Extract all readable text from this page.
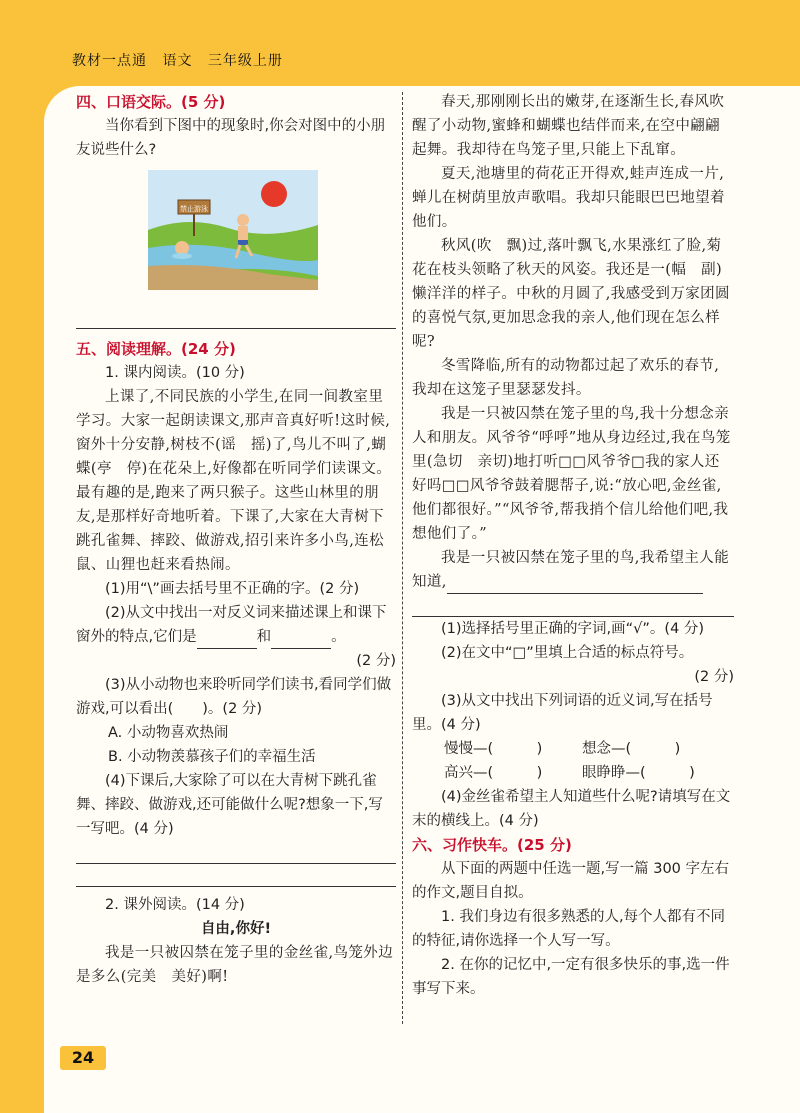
教材一点通 语文 三年级上册

四、口语交际。(5 分)

当你看到下图中的现象时,你会对图中的小朋友说些什么?

禁止游泳

五、阅读理解。(24 分)

1. 课内阅读。(10 分)

上课了,不同民族的小学生,在同一间教室里学习。大家一起朗读课文,那声音真好听!这时候,窗外十分安静,树枝不(谣　摇)了,鸟儿不叫了,蝴蝶(亭　停)在花朵上,好像都在听同学们读课文。最有趣的是,跑来了两只猴子。这些山林里的朋友,是那样好奇地听着。下课了,大家在大青树下跳孔雀舞、摔跤、做游戏,招引来许多小鸟,连松鼠、山狸也赶来看热闹。

(1)用“\”画去括号里不正确的字。(2 分)

(2)从文中找出一对反义词来描述课上和课下窗外的特点,它们是	和	。

(2 分)

(3)从小动物也来聆听同学们读书,看同学们做游戏,可以看出(　　)。(2 分)

A. 小动物喜欢热闹

B. 小动物羡慕孩子们的幸福生活

(4)下课后,大家除了可以在大青树下跳孔雀舞、摔跤、做游戏,还可能做什么呢?想象一下,写一写吧。(4 分)

2. 课外阅读。(14 分)

自由,你好!

我是一只被囚禁在笼子里的金丝雀,鸟笼外边是多么(完美　美好)啊!

春天,那刚刚长出的嫩芽,在逐渐生长,春风吹醒了小动物,蜜蜂和蝴蝶也结伴而来,在空中翩翩起舞。我却待在鸟笼子里,只能上下乱窜。

夏天,池塘里的荷花正开得欢,蛙声连成一片,蝉儿在树荫里放声歌唱。我却只能眼巴巴地望着他们。

秋风(吹　飘)过,落叶飘飞,水果涨红了脸,菊花在枝头领略了秋天的风姿。我还是一(幅　副)懒洋洋的样子。中秋的月圆了,我感受到万家团圆的喜悦气氛,更加思念我的亲人,他们现在怎么样呢?

冬雪降临,所有的动物都过起了欢乐的春节,我却在这笼子里瑟瑟发抖。

我是一只被囚禁在笼子里的鸟,我十分想念亲人和朋友。风爷爷“呼呼”地从身边经过,我在鸟笼里(急切　亲切)地打听□□风爷爷□我的家人还好吗□□风爷爷鼓着腮帮子,说:“放心吧,金丝雀,他们都很好。”“风爷爷,帮我捎个信儿给他们吧,我想他们了。”

我是一只被囚禁在笼子里的鸟,我希望主人能知道,

(1)选择括号里正确的字词,画“√”。(4 分)

(2)在文中“□”里填上合适的标点符号。

(2 分)

(3)从文中找出下列词语的近义词,写在括号里。(4 分)

慢慢—(　　　)	想念—(　　　)

高兴—(　　　)	眼睁睁—(　　　)

(4)金丝雀希望主人知道些什么呢?请填写在文末的横线上。(4 分)

六、习作快车。(25 分)

从下面的两题中任选一题,写一篇 300 字左右的作文,题目自拟。

1. 我们身边有很多熟悉的人,每个人都有不同的特征,请你选择一个人写一写。

2. 在你的记忆中,一定有很多快乐的事,选一件事写下来。

24
